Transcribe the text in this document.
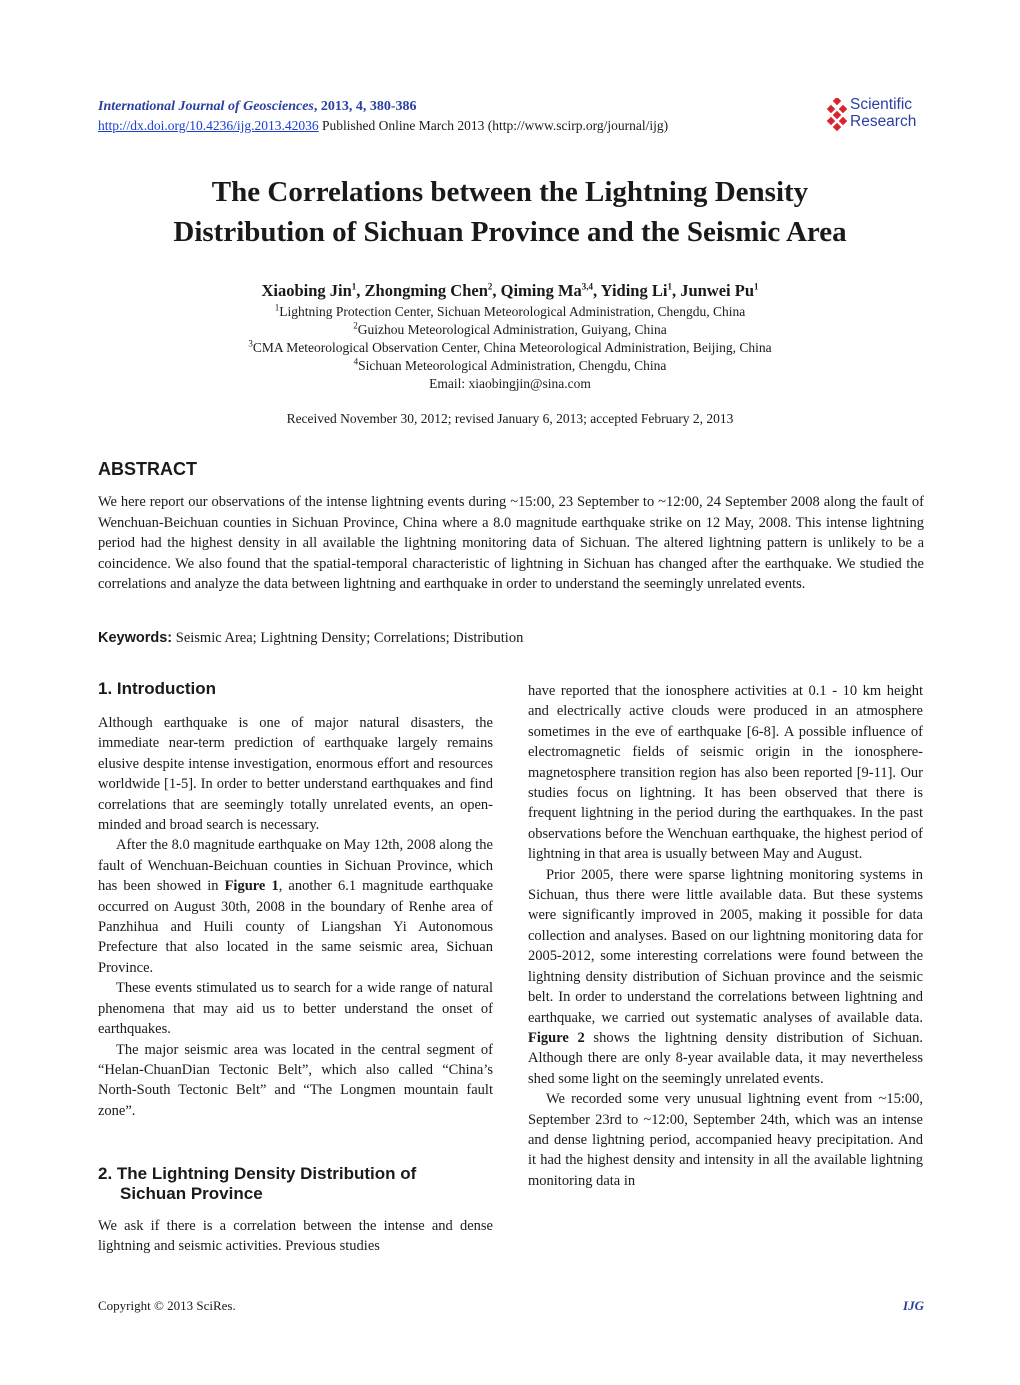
International Journal of Geosciences, 2013, 4, 380-386
http://dx.doi.org/10.4236/ijg.2013.42036 Published Online March 2013 (http://www.scirp.org/journal/ijg)
Scientific
Research
The Correlations between the Lightning Density
Distribution of Sichuan Province and the Seismic Area
Xiaobing Jin$^1$, Zhongming Chen$^2$, Qiming Ma$^{3,4}$, Yiding Li$^1$, Junwei Pu$^1$
$^1$Lightning Protection Center, Sichuan Meteorological Administration, Chengdu, China
$^2$Guizhou Meteorological Administration, Guiyang, China
$^3$CMA Meteorological Observation Center, China Meteorological Administration, Beijing, China
$^4$Sichuan Meteorological Administration, Chengdu, China
Email: xiaobingjin@sina.com
Received November 30, 2012; revised January 6, 2013; accepted February 2, 2013
ABSTRACT
We here report our observations of the intense lightning events during ~15:00, 23 September to ~12:00, 24 September 2008 along the fault of Wenchuan-Beichuan counties in Sichuan Province, China where a 8.0 magnitude earthquake strike on 12 May, 2008. This intense lightning period had the highest density in all available the lightning monitoring data of Sichuan. The altered lightning pattern is unlikely to be a coincidence. We also found that the spatial-temporal characteristic of lightning in Sichuan has changed after the earthquake. We studied the correlations and analyze the data between lightning and earthquake in order to understand the seemingly unrelated events.
Keywords: Seismic Area; Lightning Density; Correlations; Distribution
1. Introduction

Although earthquake is one of major natural disasters, the immediate near-term prediction of earthquake largely remains elusive despite intense investigation, enormous effort and resources worldwide [1-5]. In order to better understand earthquakes and find correlations that are seemingly totally unrelated events, an open-minded and broad search is necessary.

After the 8.0 magnitude earthquake on May 12th, 2008 along the fault of Wenchuan-Beichuan counties in Sichuan Province, which has been showed in Figure 1, another 6.1 magnitude earthquake occurred on August 30th, 2008 in the boundary of Renhe area of Panzhihua and Huili county of Liangshan Yi Autonomous Prefecture that also located in the same seismic area, Sichuan Province.

These events stimulated us to search for a wide range of natural phenomena that may aid us to better understand the onset of earthquakes.

The major seismic area was located in the central segment of “Helan-ChuanDian Tectonic Belt”, which also called “China’s North-South Tectonic Belt” and “The Longmen mountain fault zone”.

2. The Lightning Density Distribution of
Sichuan Province
We ask if there is a correlation between the intense and dense lightning and seismic activities. Previous studies

have reported that the ionosphere activities at 0.1 - 10 km height and electrically active clouds were produced in an atmosphere sometimes in the eve of earthquake [6-8]. A possible influence of electromagnetic fields of seismic origin in the ionosphere-magnetosphere transition region has also been reported [9-11]. Our studies focus on lightning. It has been observed that there is frequent lightning in the period during the earthquakes. In the past observations before the Wenchuan earthquake, the highest period of lightning in that area is usually between May and August.

Prior 2005, there were sparse lightning monitoring systems in Sichuan, thus there were little available data. But these systems were significantly improved in 2005, making it possible for data collection and analyses. Based on our lightning monitoring data for 2005-2012, some interesting correlations were found between the lightning density distribution of Sichuan province and the seismic belt. In order to understand the correlations between lightning and earthquake, we carried out systematic analyses of available data. Figure 2 shows the lightning density distribution of Sichuan. Although there are only 8-year available data, it may nevertheless shed some light on the seemingly unrelated events.

We recorded some very unusual lightning event from ~15:00, September 23rd to ~12:00, September 24th, which was an intense and dense lightning period, accompanied heavy precipitation. And it had the highest density and intensity in all the available lightning monitoring data in

Copyright © 2013 SciRes.	IJG
